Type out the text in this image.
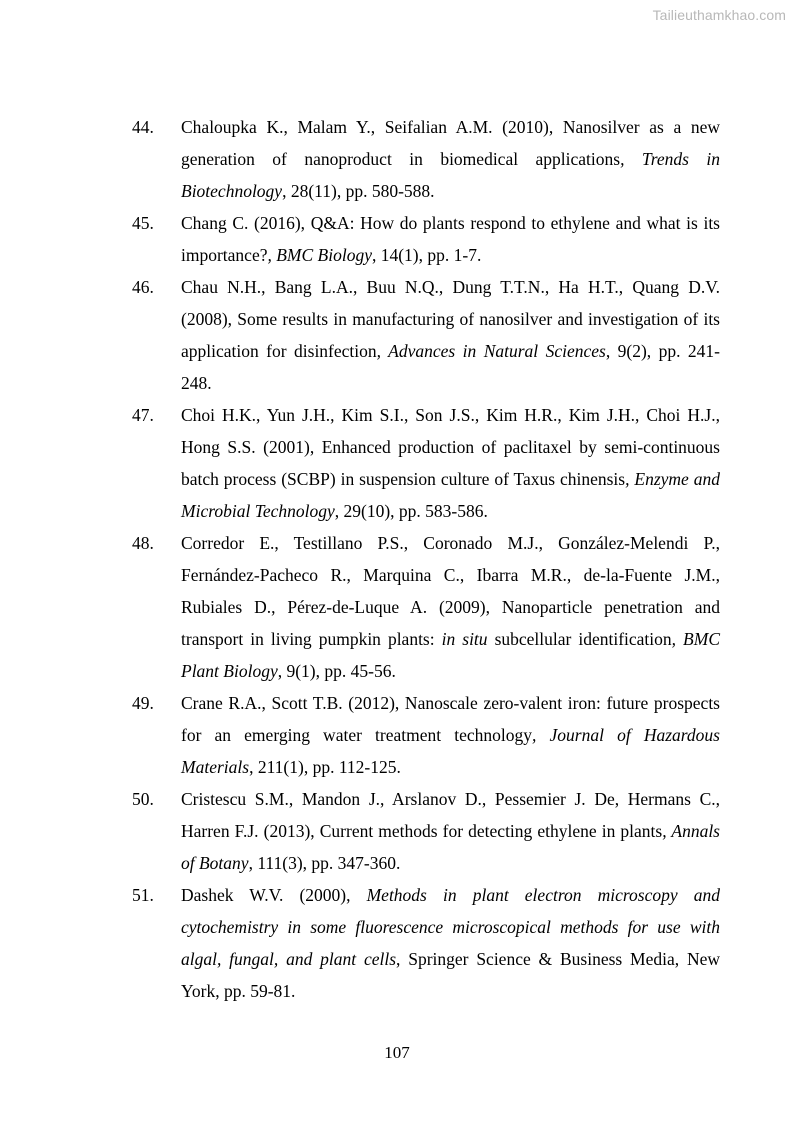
Tailieuthamkhao.com
44. Chaloupka K., Malam Y., Seifalian A.M. (2010), Nanosilver as a new generation of nanoproduct in biomedical applications, Trends in Biotechnology, 28(11), pp. 580-588.
45. Chang C. (2016), Q&A: How do plants respond to ethylene and what is its importance?, BMC Biology, 14(1), pp. 1-7.
46. Chau N.H., Bang L.A., Buu N.Q., Dung T.T.N., Ha H.T., Quang D.V. (2008), Some results in manufacturing of nanosilver and investigation of its application for disinfection, Advances in Natural Sciences, 9(2), pp. 241-248.
47. Choi H.K., Yun J.H., Kim S.I., Son J.S., Kim H.R., Kim J.H., Choi H.J., Hong S.S. (2001), Enhanced production of paclitaxel by semi-continuous batch process (SCBP) in suspension culture of Taxus chinensis, Enzyme and Microbial Technology, 29(10), pp. 583-586.
48. Corredor E., Testillano P.S., Coronado M.J., González-Melendi P., Fernández-Pacheco R., Marquina C., Ibarra M.R., de-la-Fuente J.M., Rubiales D., Pérez-de-Luque A. (2009), Nanoparticle penetration and transport in living pumpkin plants: in situ subcellular identification, BMC Plant Biology, 9(1), pp. 45-56.
49. Crane R.A., Scott T.B. (2012), Nanoscale zero-valent iron: future prospects for an emerging water treatment technology, Journal of Hazardous Materials, 211(1), pp. 112-125.
50. Cristescu S.M., Mandon J., Arslanov D., Pessemier J. De, Hermans C., Harren F.J. (2013), Current methods for detecting ethylene in plants, Annals of Botany, 111(3), pp. 347-360.
51. Dashek W.V. (2000), Methods in plant electron microscopy and cytochemistry in some fluorescence microscopical methods for use with algal, fungal, and plant cells, Springer Science & Business Media, New York, pp. 59-81.
107
